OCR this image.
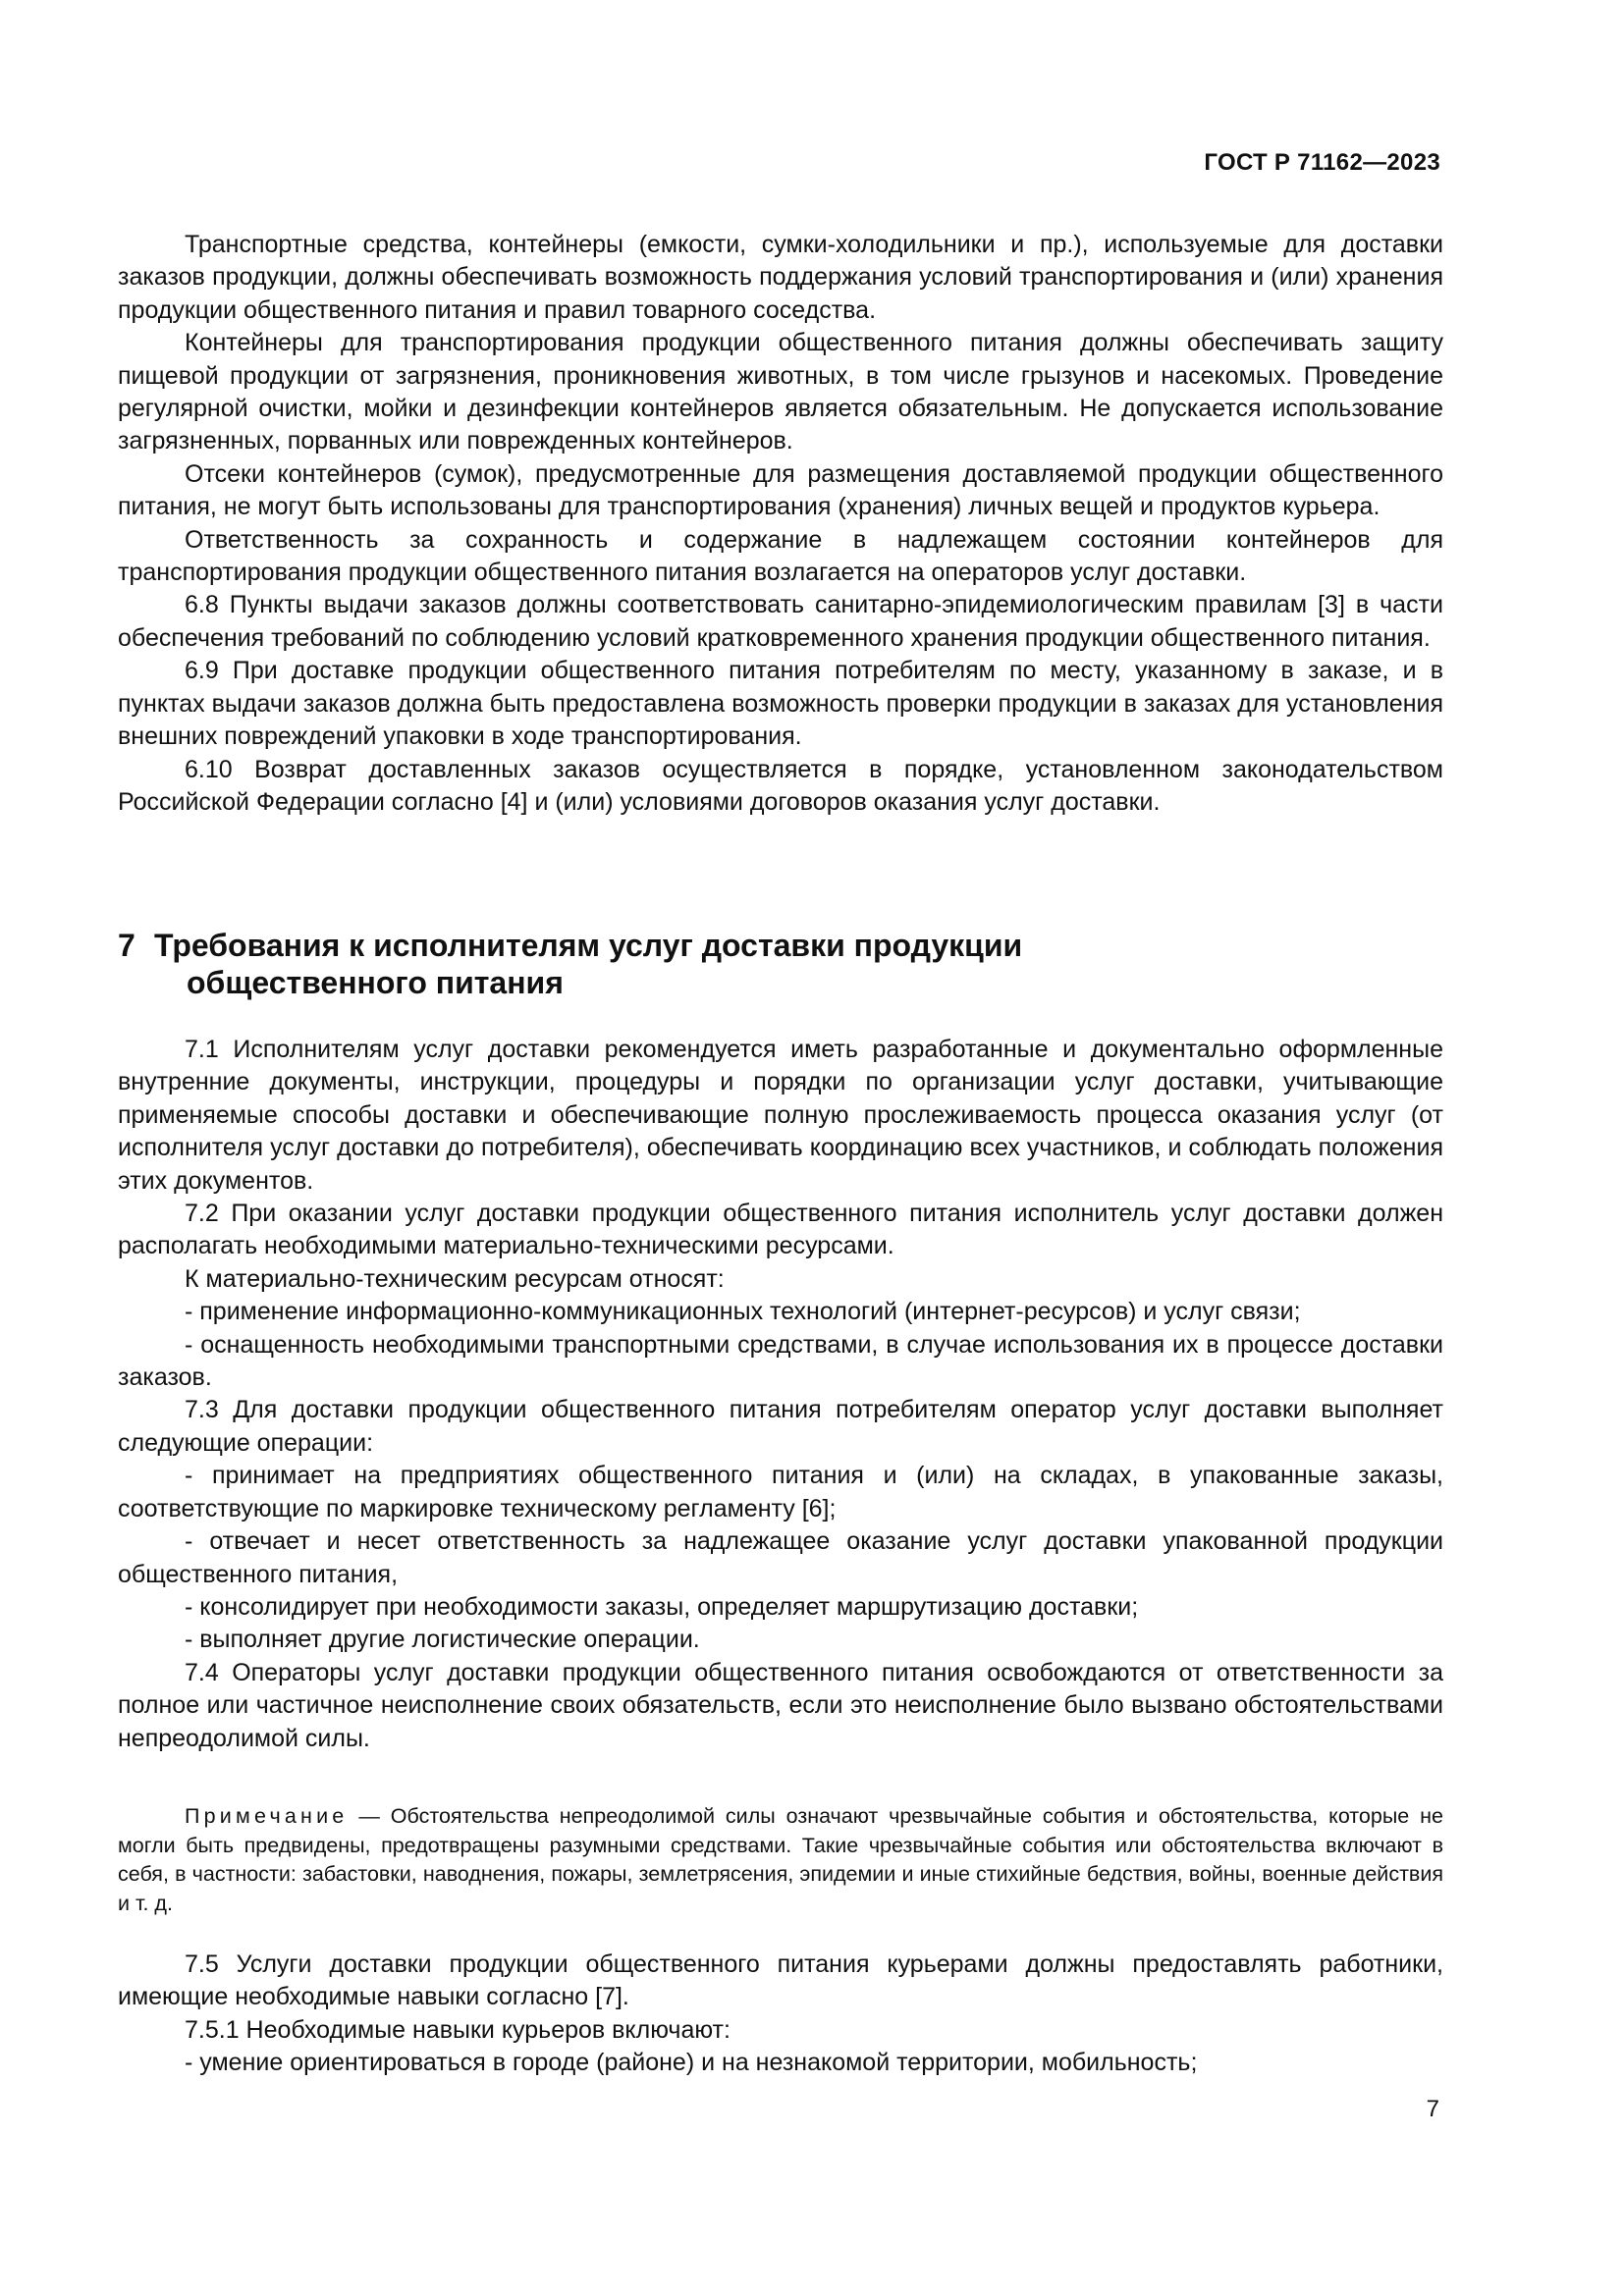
ГОСТ Р 71162—2023

Транспортные средства, контейнеры (емкости, сумки-холодильники и пр.), используемые для доставки заказов продукции, должны обеспечивать возможность поддержания условий транспортирования и (или) хранения продукции общественного питания и правил товарного соседства.

Контейнеры для транспортирования продукции общественного питания должны обеспечивать защиту пищевой продукции от загрязнения, проникновения животных, в том числе грызунов и насекомых. Проведение регулярной очистки, мойки и дезинфекции контейнеров является обязательным. Не допускается использование загрязненных, порванных или поврежденных контейнеров.

Отсеки контейнеров (сумок), предусмотренные для размещения доставляемой продукции общественного питания, не могут быть использованы для транспортирования (хранения) личных вещей и продуктов курьера.

Ответственность за сохранность и содержание в надлежащем состоянии контейнеров для транспортирования продукции общественного питания возлагается на операторов услуг доставки.

6.8 Пункты выдачи заказов должны соответствовать санитарно-эпидемиологическим правилам [3] в части обеспечения требований по соблюдению условий кратковременного хранения продукции общественного питания.

6.9 При доставке продукции общественного питания потребителям по месту, указанному в заказе, и в пунктах выдачи заказов должна быть предоставлена возможность проверки продукции в заказах для установления внешних повреждений упаковки в ходе транспортирования.

6.10 Возврат доставленных заказов осуществляется в порядке, установленном законодательством Российской Федерации согласно [4] и (или) условиями договоров оказания услуг доставки.

7 Требования к исполнителям услуг доставки продукции
общественного питания

7.1 Исполнителям услуг доставки рекомендуется иметь разработанные и документально оформленные внутренние документы, инструкции, процедуры и порядки по организации услуг доставки, учитывающие применяемые способы доставки и обеспечивающие полную прослеживаемость процесса оказания услуг (от исполнителя услуг доставки до потребителя), обеспечивать координацию всех участников, и соблюдать положения этих документов.

7.2 При оказании услуг доставки продукции общественного питания исполнитель услуг доставки должен располагать необходимыми материально-техническими ресурсами.

К материально-техническим ресурсам относят:

- применение информационно-коммуникационных технологий (интернет-ресурсов) и услуг связи;

- оснащенность необходимыми транспортными средствами, в случае использования их в процессе доставки заказов.

7.3 Для доставки продукции общественного питания потребителям оператор услуг доставки выполняет следующие операции:

- принимает на предприятиях общественного питания и (или) на складах, в упакованные заказы, соответствующие по маркировке техническому регламенту [6];

- отвечает и несет ответственность за надлежащее оказание услуг доставки упакованной продукции общественного питания,

- консолидирует при необходимости заказы, определяет маршрутизацию доставки;

- выполняет другие логистические операции.

7.4 Операторы услуг доставки продукции общественного питания освобождаются от ответственности за полное или частичное неисполнение своих обязательств, если это неисполнение было вызвано обстоятельствами непреодолимой силы.

Примечание — Обстоятельства непреодолимой силы означают чрезвычайные события и обстоятельства, которые не могли быть предвидены, предотвращены разумными средствами. Такие чрезвычайные события или обстоятельства включают в себя, в частности: забастовки, наводнения, пожары, землетрясения, эпидемии и иные стихийные бедствия, войны, военные действия и т. д.

7.5 Услуги доставки продукции общественного питания курьерами должны предоставлять работники, имеющие необходимые навыки согласно [7].

7.5.1 Необходимые навыки курьеров включают:

- умение ориентироваться в городе (районе) и на незнакомой территории, мобильность;

7
